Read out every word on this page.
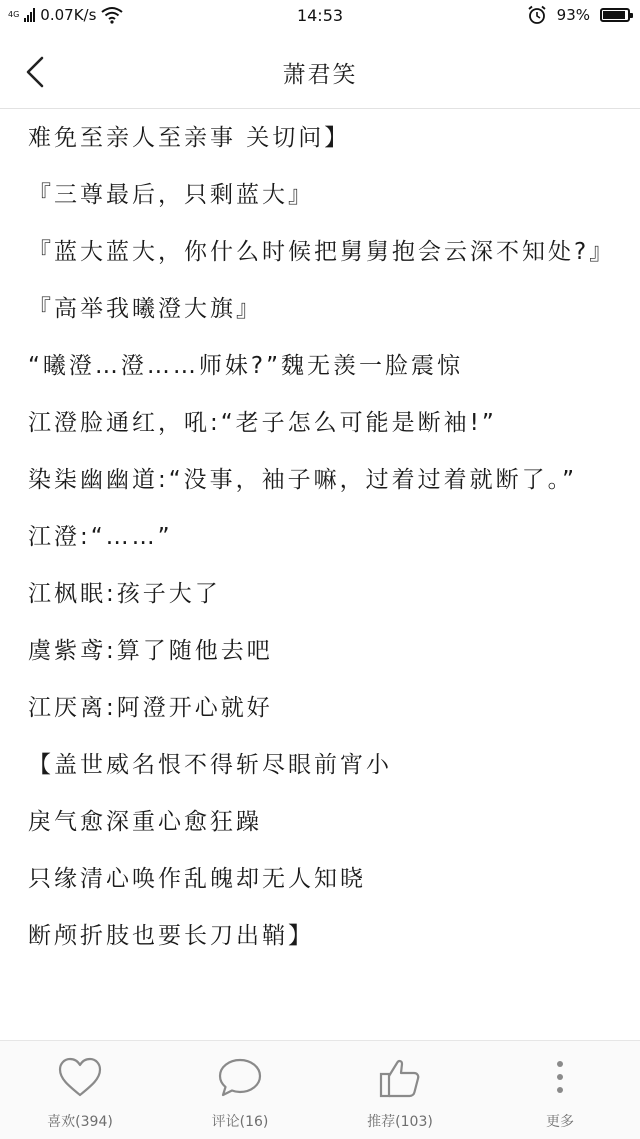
4G 0.07K/s	14:53	93%
萧君笑

难免至亲人至亲事 关切问】

『三尊最后，只剩蓝大』

『蓝大蓝大，你什么时候把舅舅抱会云深不知处?』

『高举我曦澄大旗』

“曦澄…澄……师妹?”魏无羡一脸震惊

江澄脸通红，吼:“老子怎么可能是断袖!”

染柒幽幽道:“没事，袖子嘛，过着过着就断了。”

江澄:“……”

江枫眠:孩子大了

虞紫鸢:算了随他去吧

江厌离:阿澄开心就好

【盖世威名恨不得斩尽眼前宵小

戾气愈深重心愈狂躁

只缘清心唤作乱魄却无人知晓

断颅折肢也要长刀出鞘】

喜欢(394)	评论(16)	推荐(103)	更多
